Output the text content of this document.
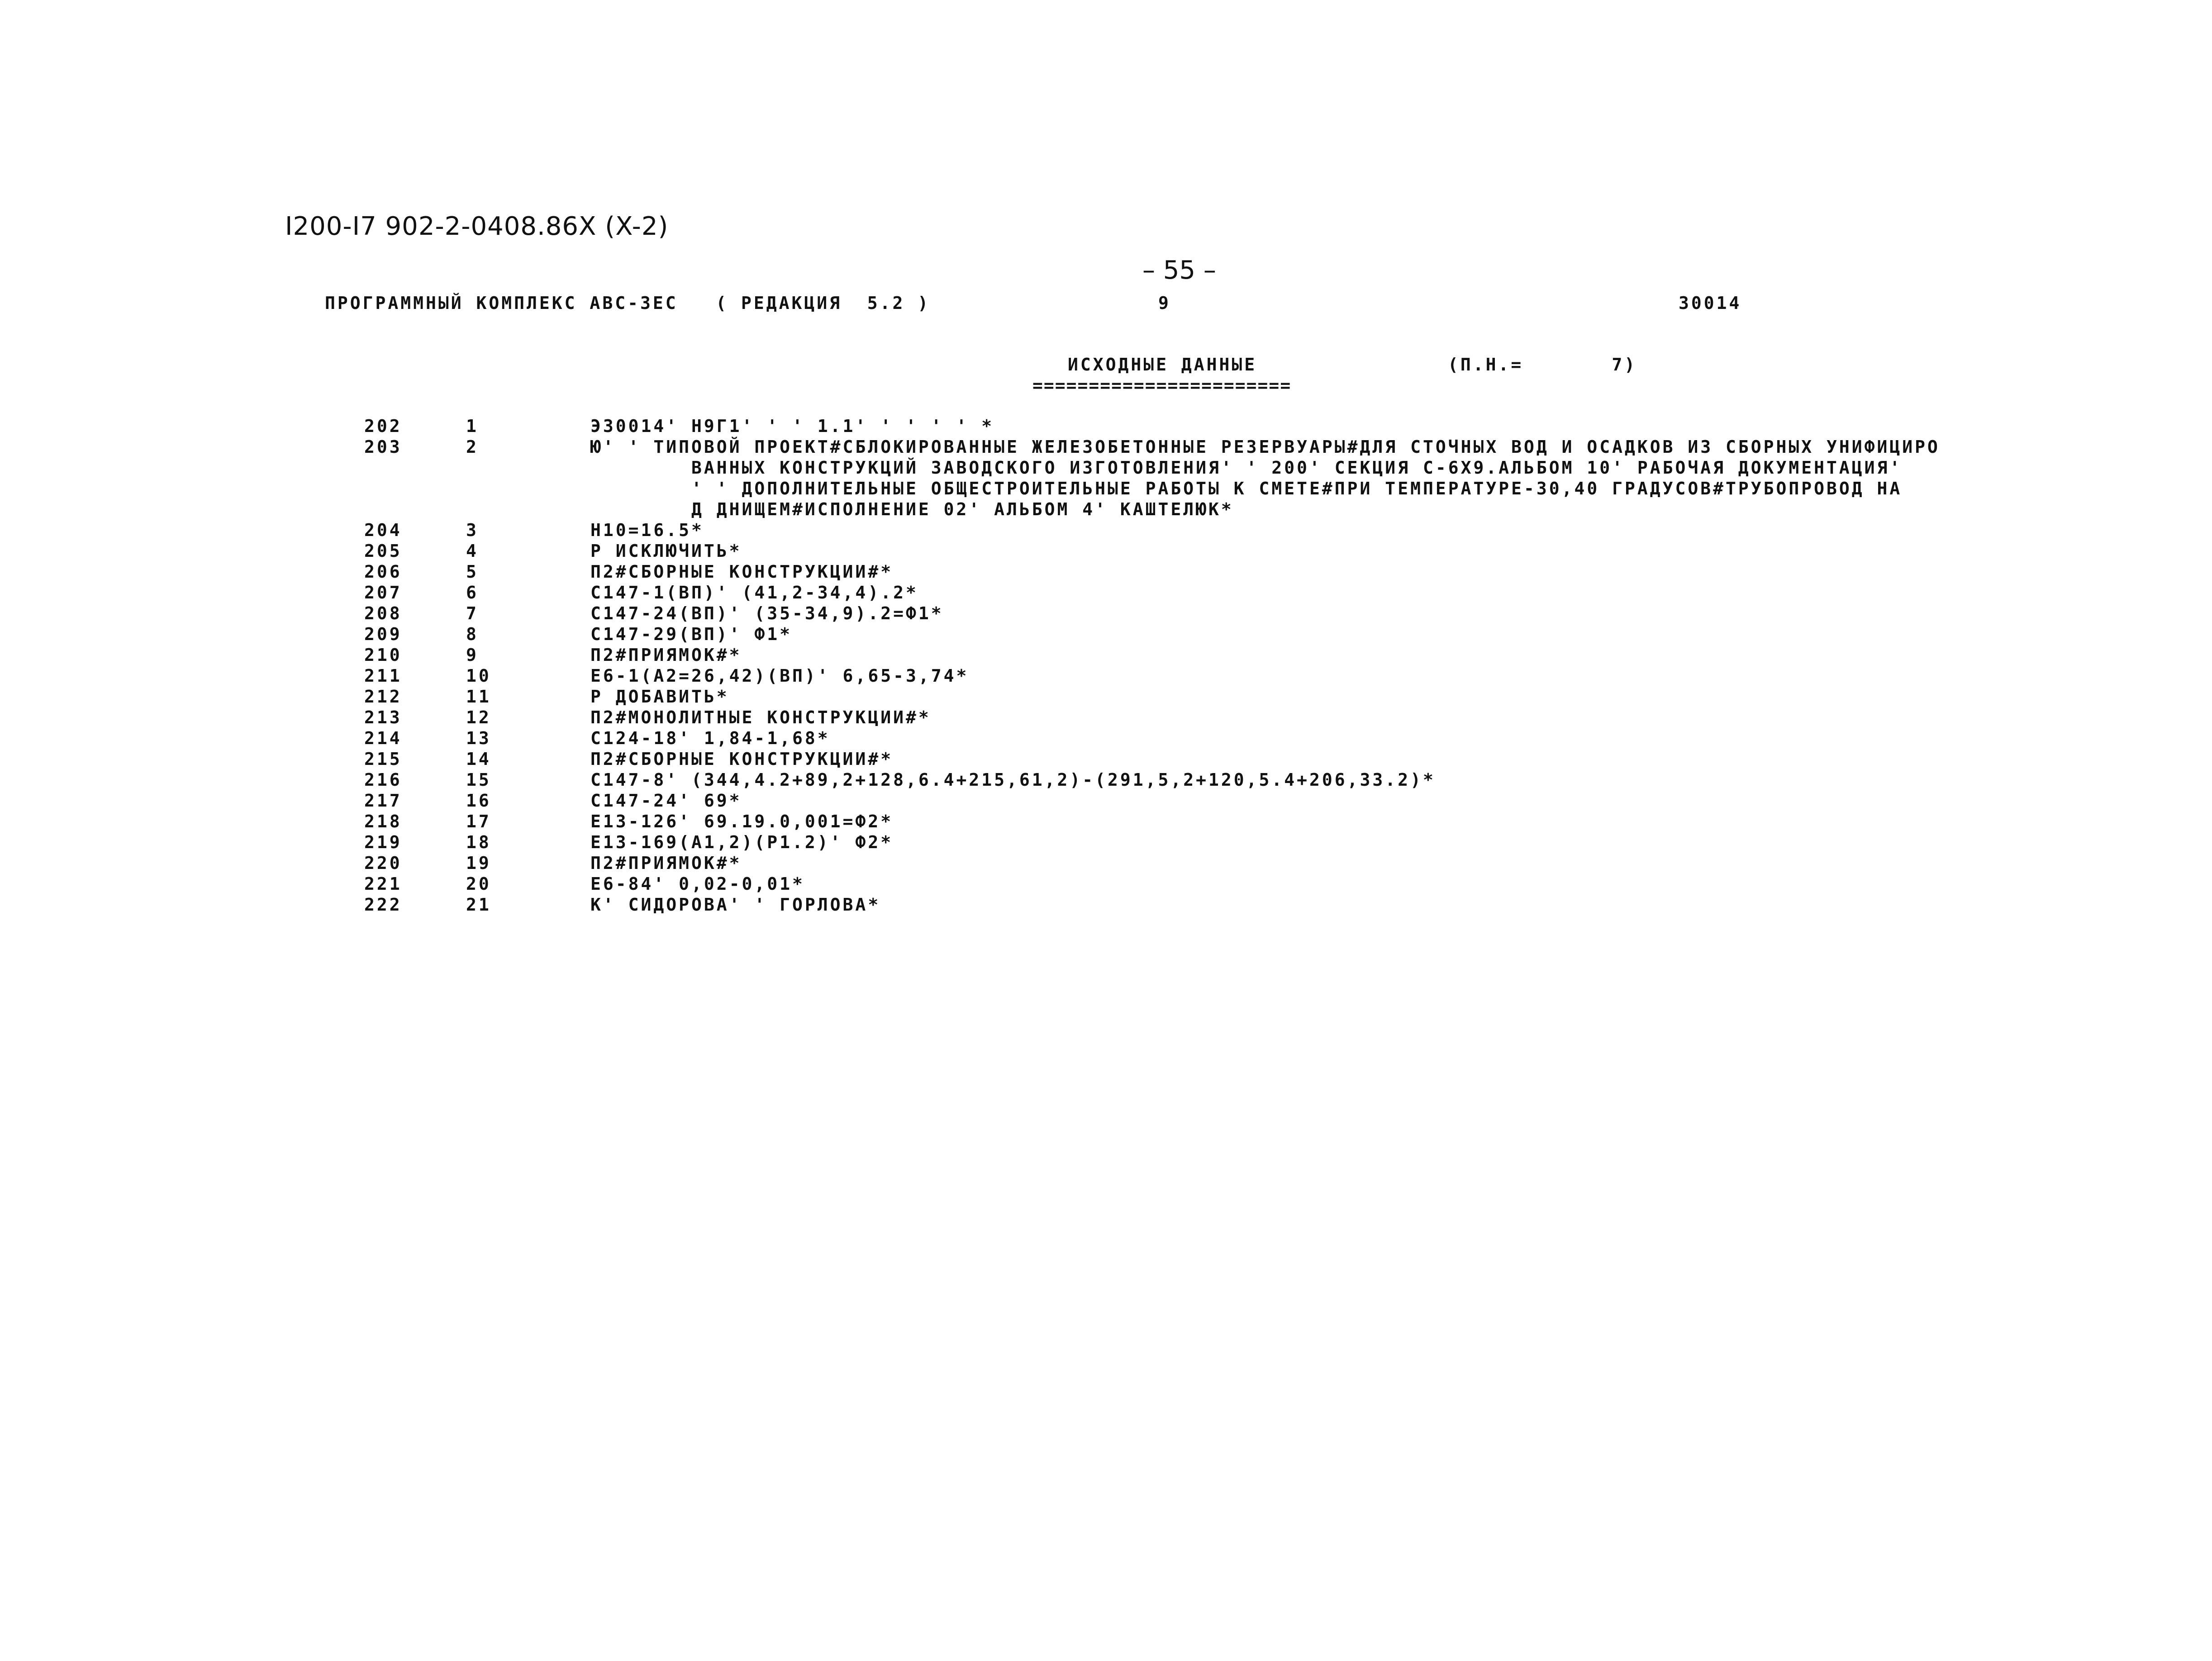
I200-I7 902-2-0408.86Х (X-2)
– 55 –
ПРОГРАММНЫЙ КОМПЛЕКС АВС-3ЕС   ( РЕДАКЦИЯ  5.2 )	9	30014
ИСХОДНЫЕ ДАННЫЕ
=======================
(П.Н.=       7)
202	1	Э30014' Н9Г1' ' ' 1.1' ' ' ' ' *
203	2	Ю' ' ТИПОВОЙ ПРОЕКТ#СБЛОКИРОВАННЫЕ ЖЕЛЕЗОБЕТОННЫЕ РЕЗЕРВУАРЫ#ДЛЯ СТОЧНЫХ ВОД И ОСАДКОВ ИЗ СБОРНЫХ УНИФИЦИРО
ВАННЫХ КОНСТРУКЦИЙ ЗАВОДСКОГО ИЗГОТОВЛЕНИЯ' ' 200' СЕКЦИЯ С-6Х9.АЛЬБОМ 10' РАБОЧАЯ ДОКУМЕНТАЦИЯ'
' ' ДОПОЛНИТЕЛЬНЫЕ ОБЩЕСТРОИТЕЛЬНЫЕ РАБОТЫ К СМЕТЕ#ПРИ ТЕМПЕРАТУРЕ-30,40 ГРАДУСОВ#ТРУБОПРОВОД НА
Д ДНИЩЕМ#ИСПОЛНЕНИЕ 02' АЛЬБОМ 4' КАШТЕЛЮК*
204	3	Н10=16.5*
205	4	Р ИСКЛЮЧИТЬ*
206	5	П2#СБОРНЫЕ КОНСТРУКЦИИ#*
207	6	С147-1(ВП)' (41,2-34,4).2*
208	7	С147-24(ВП)' (35-34,9).2=Ф1*
209	8	С147-29(ВП)' Ф1*
210	9	П2#ПРИЯМОК#*
211	10	Е6-1(А2=26,42)(ВП)' 6,65-3,74*
212	11	Р ДОБАВИТЬ*
213	12	П2#МОНОЛИТНЫЕ КОНСТРУКЦИИ#*
214	13	С124-18' 1,84-1,68*
215	14	П2#СБОРНЫЕ КОНСТРУКЦИИ#*
216	15	С147-8' (344,4.2+89,2+128,6.4+215,61,2)-(291,5,2+120,5.4+206,33.2)*
217	16	С147-24' 69*
218	17	Е13-126' 69.19.0,001=Ф2*
219	18	Е13-169(А1,2)(Р1.2)' Ф2*
220	19	П2#ПРИЯМОК#*
221	20	Е6-84' 0,02-0,01*
222	21	К' СИДОРОВА' ' ГОРЛОВА*
